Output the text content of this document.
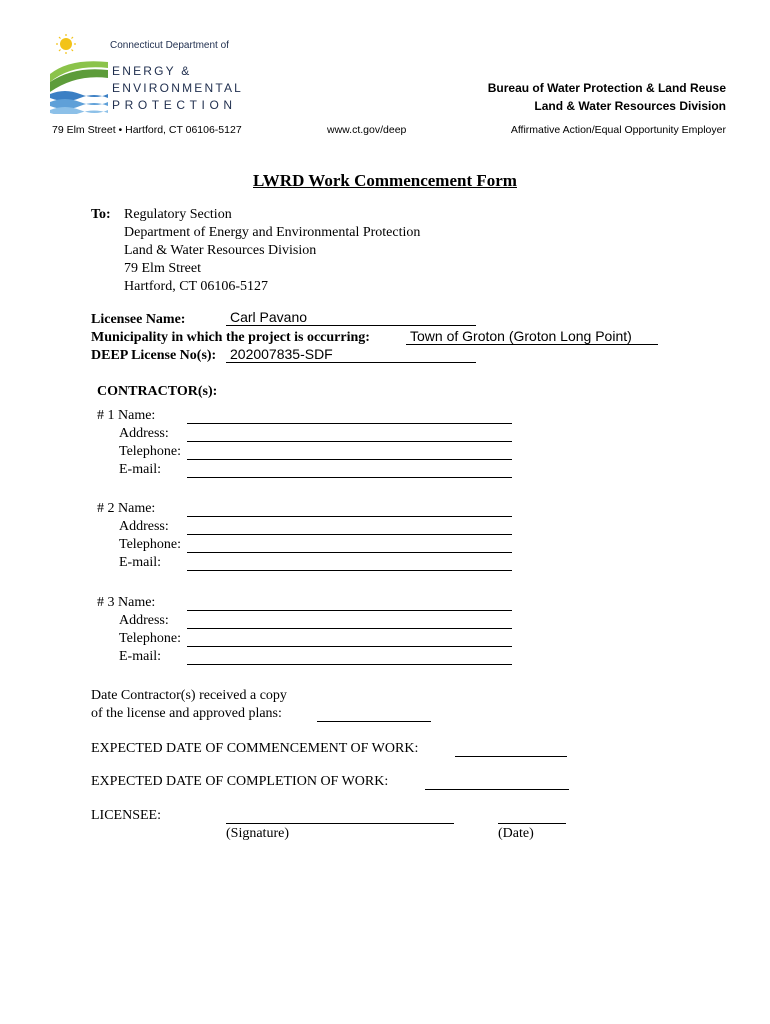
Connecticut Department of
ENERGY &
ENVIRONMENTAL
PROTECTION
Bureau of Water Protection & Land Reuse
Land & Water Resources Division
79 Elm Street • Hartford, CT 06106-5127	www.ct.gov/deep	Affirmative Action/Equal Opportunity Employer
LWRD Work Commencement Form
To: Regulatory Section
Department of Energy and Environmental Protection
Land & Water Resources Division
79 Elm Street
Hartford, CT 06106-5127
Licensee Name:	Carl Pavano
Municipality in which the project is occurring:	Town of Groton (Groton Long Point)
DEEP License No(s): 202007835-SDF
CONTRACTOR(s):
# 1 Name:
Address:
Telephone:
E-mail:
# 2 Name:
Address:
Telephone:
E-mail:
# 3 Name:
Address:
Telephone:
E-mail:
Date Contractor(s) received a copy
of the license and approved plans:
EXPECTED DATE OF COMMENCEMENT OF WORK:
EXPECTED DATE OF COMPLETION OF WORK:
LICENSEE:
(Signature)	(Date)
